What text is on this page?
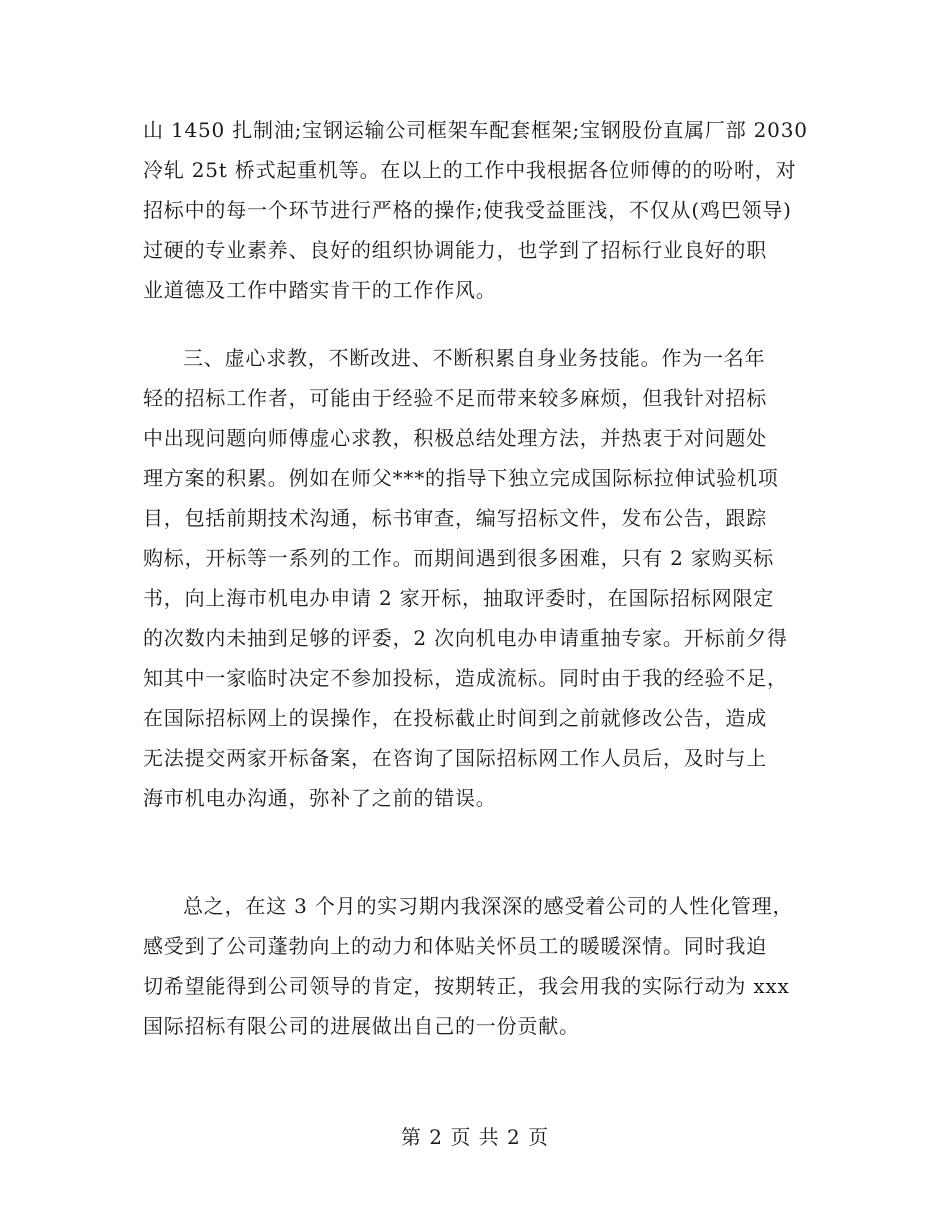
山 1450 扎制油;宝钢运输公司框架车配套框架;宝钢股份直属厂部 2030
冷轧 25t 桥式起重机等。在以上的工作中我根据各位师傅的的吩咐，对
招标中的每一个环节进行严格的操作;使我受益匪浅，不仅从(鸡巴领导)
过硬的专业素养、良好的组织协调能力，也学到了招标行业良好的职
业道德及工作中踏实肯干的工作作风。
三、虚心求教，不断改进、不断积累自身业务技能。作为一名年
轻的招标工作者，可能由于经验不足而带来较多麻烦，但我针对招标
中出现问题向师傅虚心求教，积极总结处理方法，并热衷于对问题处
理方案的积累。例如在师父***的指导下独立完成国际标拉伸试验机项
目，包括前期技术沟通，标书审查，编写招标文件，发布公告，跟踪
购标，开标等一系列的工作。而期间遇到很多困难，只有 2 家购买标
书，向上海市机电办申请 2 家开标，抽取评委时，在国际招标网限定
的次数内未抽到足够的评委，2 次向机电办申请重抽专家。开标前夕得
知其中一家临时决定不参加投标，造成流标。同时由于我的经验不足，
在国际招标网上的误操作，在投标截止时间到之前就修改公告，造成
无法提交两家开标备案，在咨询了国际招标网工作人员后，及时与上
海市机电办沟通，弥补了之前的错误。
总之，在这 3 个月的实习期内我深深的感受着公司的人性化管理，
感受到了公司蓬勃向上的动力和体贴关怀员工的暖暖深情。同时我迫
切希望能得到公司领导的肯定，按期转正，我会用我的实际行动为 xxx
国际招标有限公司的进展做出自己的一份贡献。
第 2 页 共 2 页
